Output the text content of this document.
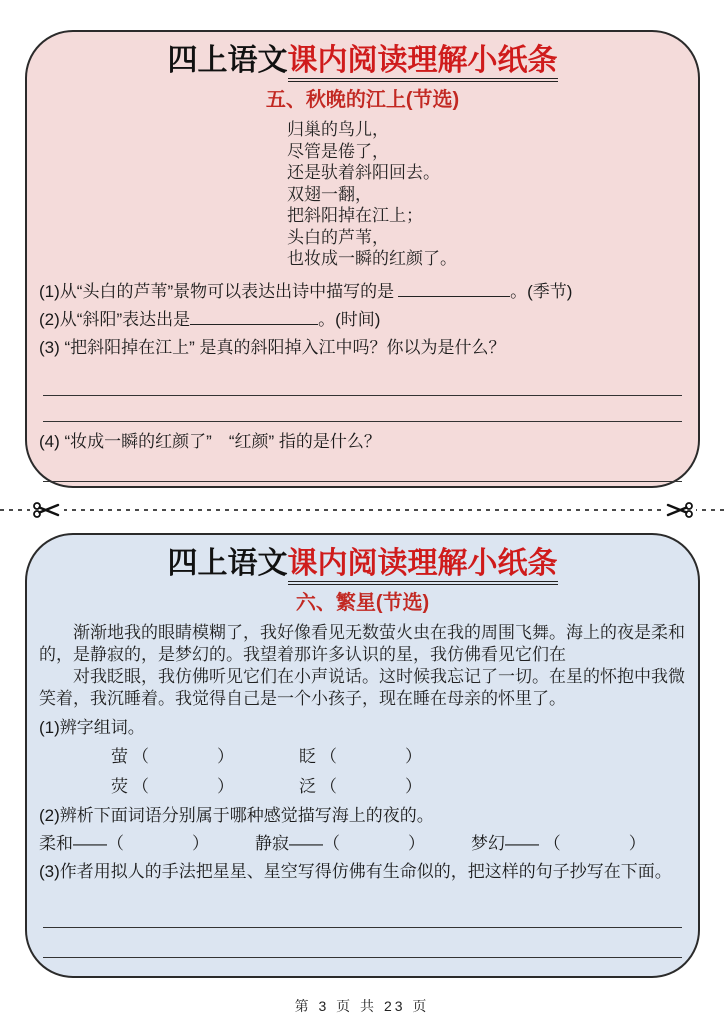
四上语文课内阅读理解小纸条
五、秋晚的江上(节选)
归巢的鸟儿，
尽管是倦了，
还是驮着斜阳回去。
双翅一翻，
把斜阳掉在江上；
头白的芦苇，
也妆成一瞬的红颜了。
(1)从“头白的芦苇”景物可以表达出诗中描写的是	。(季节)
(2)从“斜阳”表达出是	。(时间)
(3) “把斜阳掉在江上” 是真的斜阳掉入江中吗？你以为是什么？
(4) “妆成一瞬的红颜了”　“红颜” 指的是什么？
四上语文课内阅读理解小纸条
六、繁星(节选)

渐渐地我的眼睛模糊了，我好像看见无数萤火虫在我的周围飞舞。海上的夜是柔和的，是静寂的，是梦幻的。我望着那许多认识的星，我仿佛看见它们在

对我眨眼，我仿佛听见它们在小声说话。这时候我忘记了一切。在星的怀抱中我微笑着，我沉睡着。我觉得自己是一个小孩子，现在睡在母亲的怀里了。

(1)辨字组词。
萤 （　　　　）	眨 （　　　　）
荧 （　　　　）	泛 （　　　　）
(2)辨析下面词语分别属于哪种感觉描写海上的夜的。
柔和——（　　　　）	静寂——（　　　　）	梦幻—— （　　　　）
(3)作者用拟人的手法把星星、星空写得仿佛有生命似的，把这样的句子抄写在下面。
第 3 页 共 23 页
